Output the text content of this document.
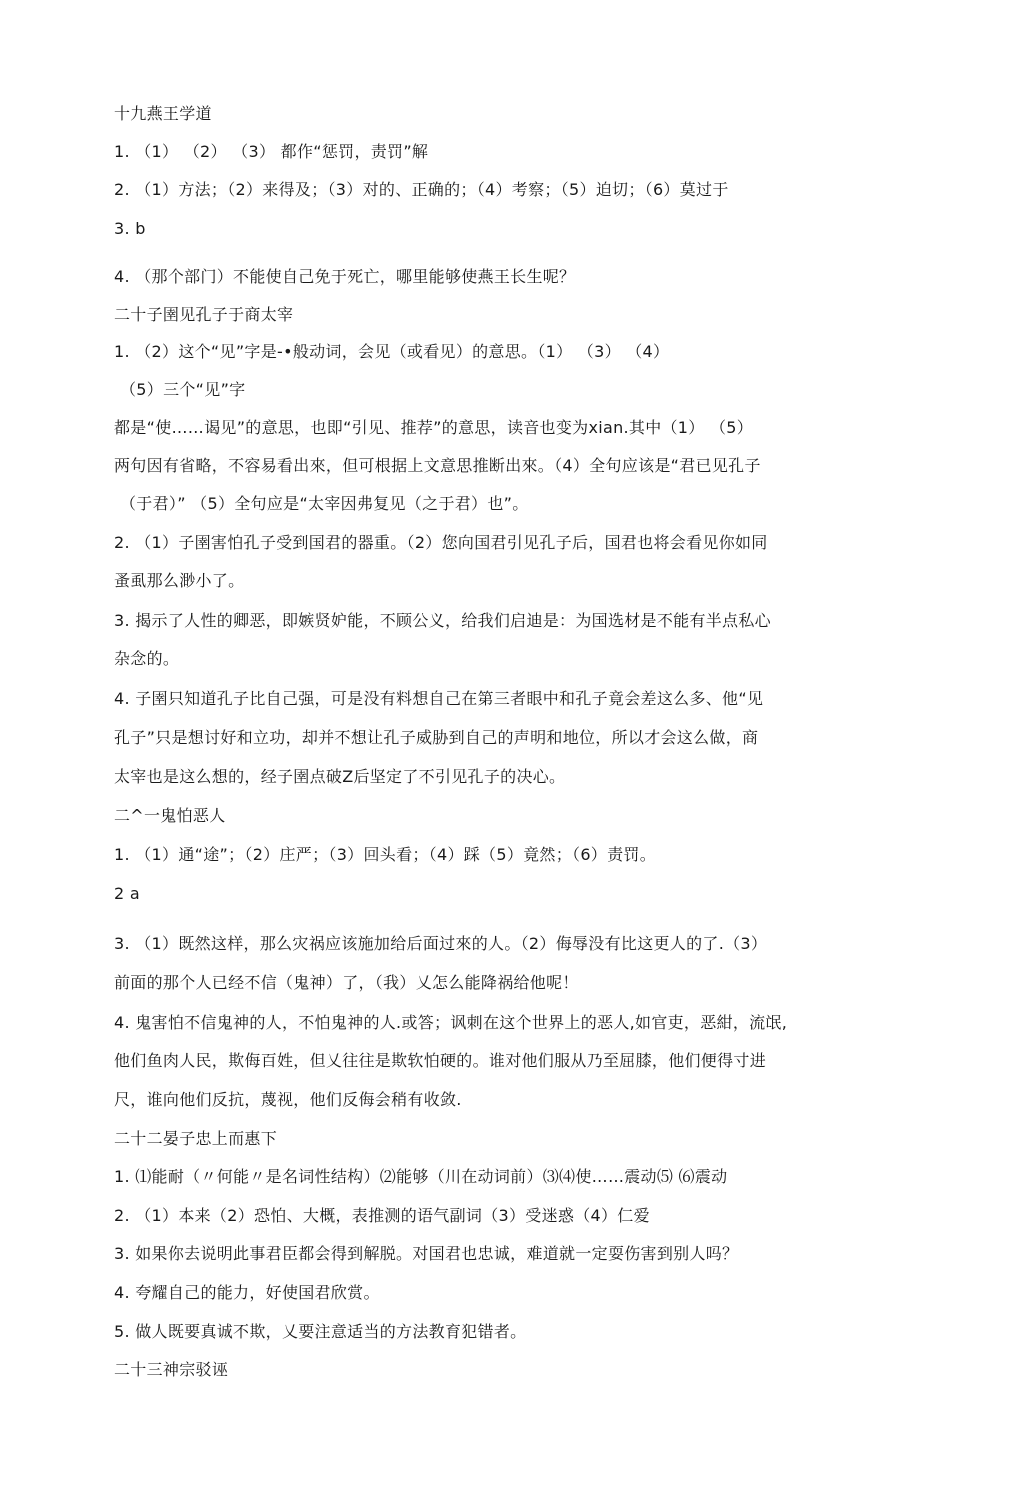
十九燕王学道
1. （1） （2） （3） 都作“惩罚，责罚”解
2. （1）方法；（2）来得及；（3）对的、正确的；（4）考察；（5）迫切；（6）莫过于
3. b
4. （那个部门）不能使自己免于死亡，哪里能够使燕王长生呢？
二十子圉见孔子于商太宰
1. （2）这个“见”字是-•般动词，会见（或看见）的意思。（1） （3） （4）
（5）三个“见”字
都是“使……谒见”的意思，也即“引见、推荐”的意思，读音也变为xian.其中（1） （5）
两句因有省略，不容易看出來，但可根据上文意思推断出來。（4）全句应该是“君已见孔子
（于君）” （5）全句应是“太宰因弗复见（之于君）也”。
2. （1）子圉害怕孔子受到国君的器重。（2）您向国君引见孔子后，国君也将会看见你如同
蚤虱那么渺小了。
3. 揭示了人性的卿恶，即嫉贤妒能，不顾公义，给我们启迪是：为国选材是不能有半点私心
杂念的。
4. 子圉只知道孔子比自己强，可是没有料想自己在第三者眼中和孔子竟会差这么多、他“见
孔子”只是想讨好和立功，却并不想让孔子威胁到自己的声明和地位，所以才会这么做，商
太宰也是这么想的，经子圉点破Z后坚定了不引见孔子的决心。
二^一鬼怕恶人
1. （1）通“途”；（2）庄严；（3）回头看；（4）踩（5）竟然；（6）责罚。
2 a
3. （1）既然这样，那么灾祸应该施加给后面过來的人。（2）侮辱没有比这更人的了.（3）
前面的那个人已经不信（鬼神）了，（我）乂怎么能降祸给他呢！
4. 鬼害怕不信鬼神的人，不怕鬼神的人.或答；讽刺在这个世界上的恶人,如官吏，恶紺，流氓,
他们鱼肉人民，欺侮百姓，但乂往往是欺软怕硬的。谁对他们服从乃至屈膝，他们便得寸进
尺，谁向他们反抗，蔑视，他们反侮会稍有收敛.
二十二晏子忠上而惠下
1. ⑴能耐（〃何能〃是名词性结构）⑵能够（川在动词前）⑶⑷使……震动⑸ ⑹震动
2. （1）本来（2）恐怕、大概，表推测的语气副词（3）受迷惑（4）仁爱
3. 如果你去说明此事君臣都会得到解脱。对国君也忠诚，难道就一定耍伤害到别人吗？
4. 夸耀自己的能力，好使国君欣赏。
5. 做人既要真诚不欺，乂要注意适当的方法教育犯错者。
二十三神宗驳诬
